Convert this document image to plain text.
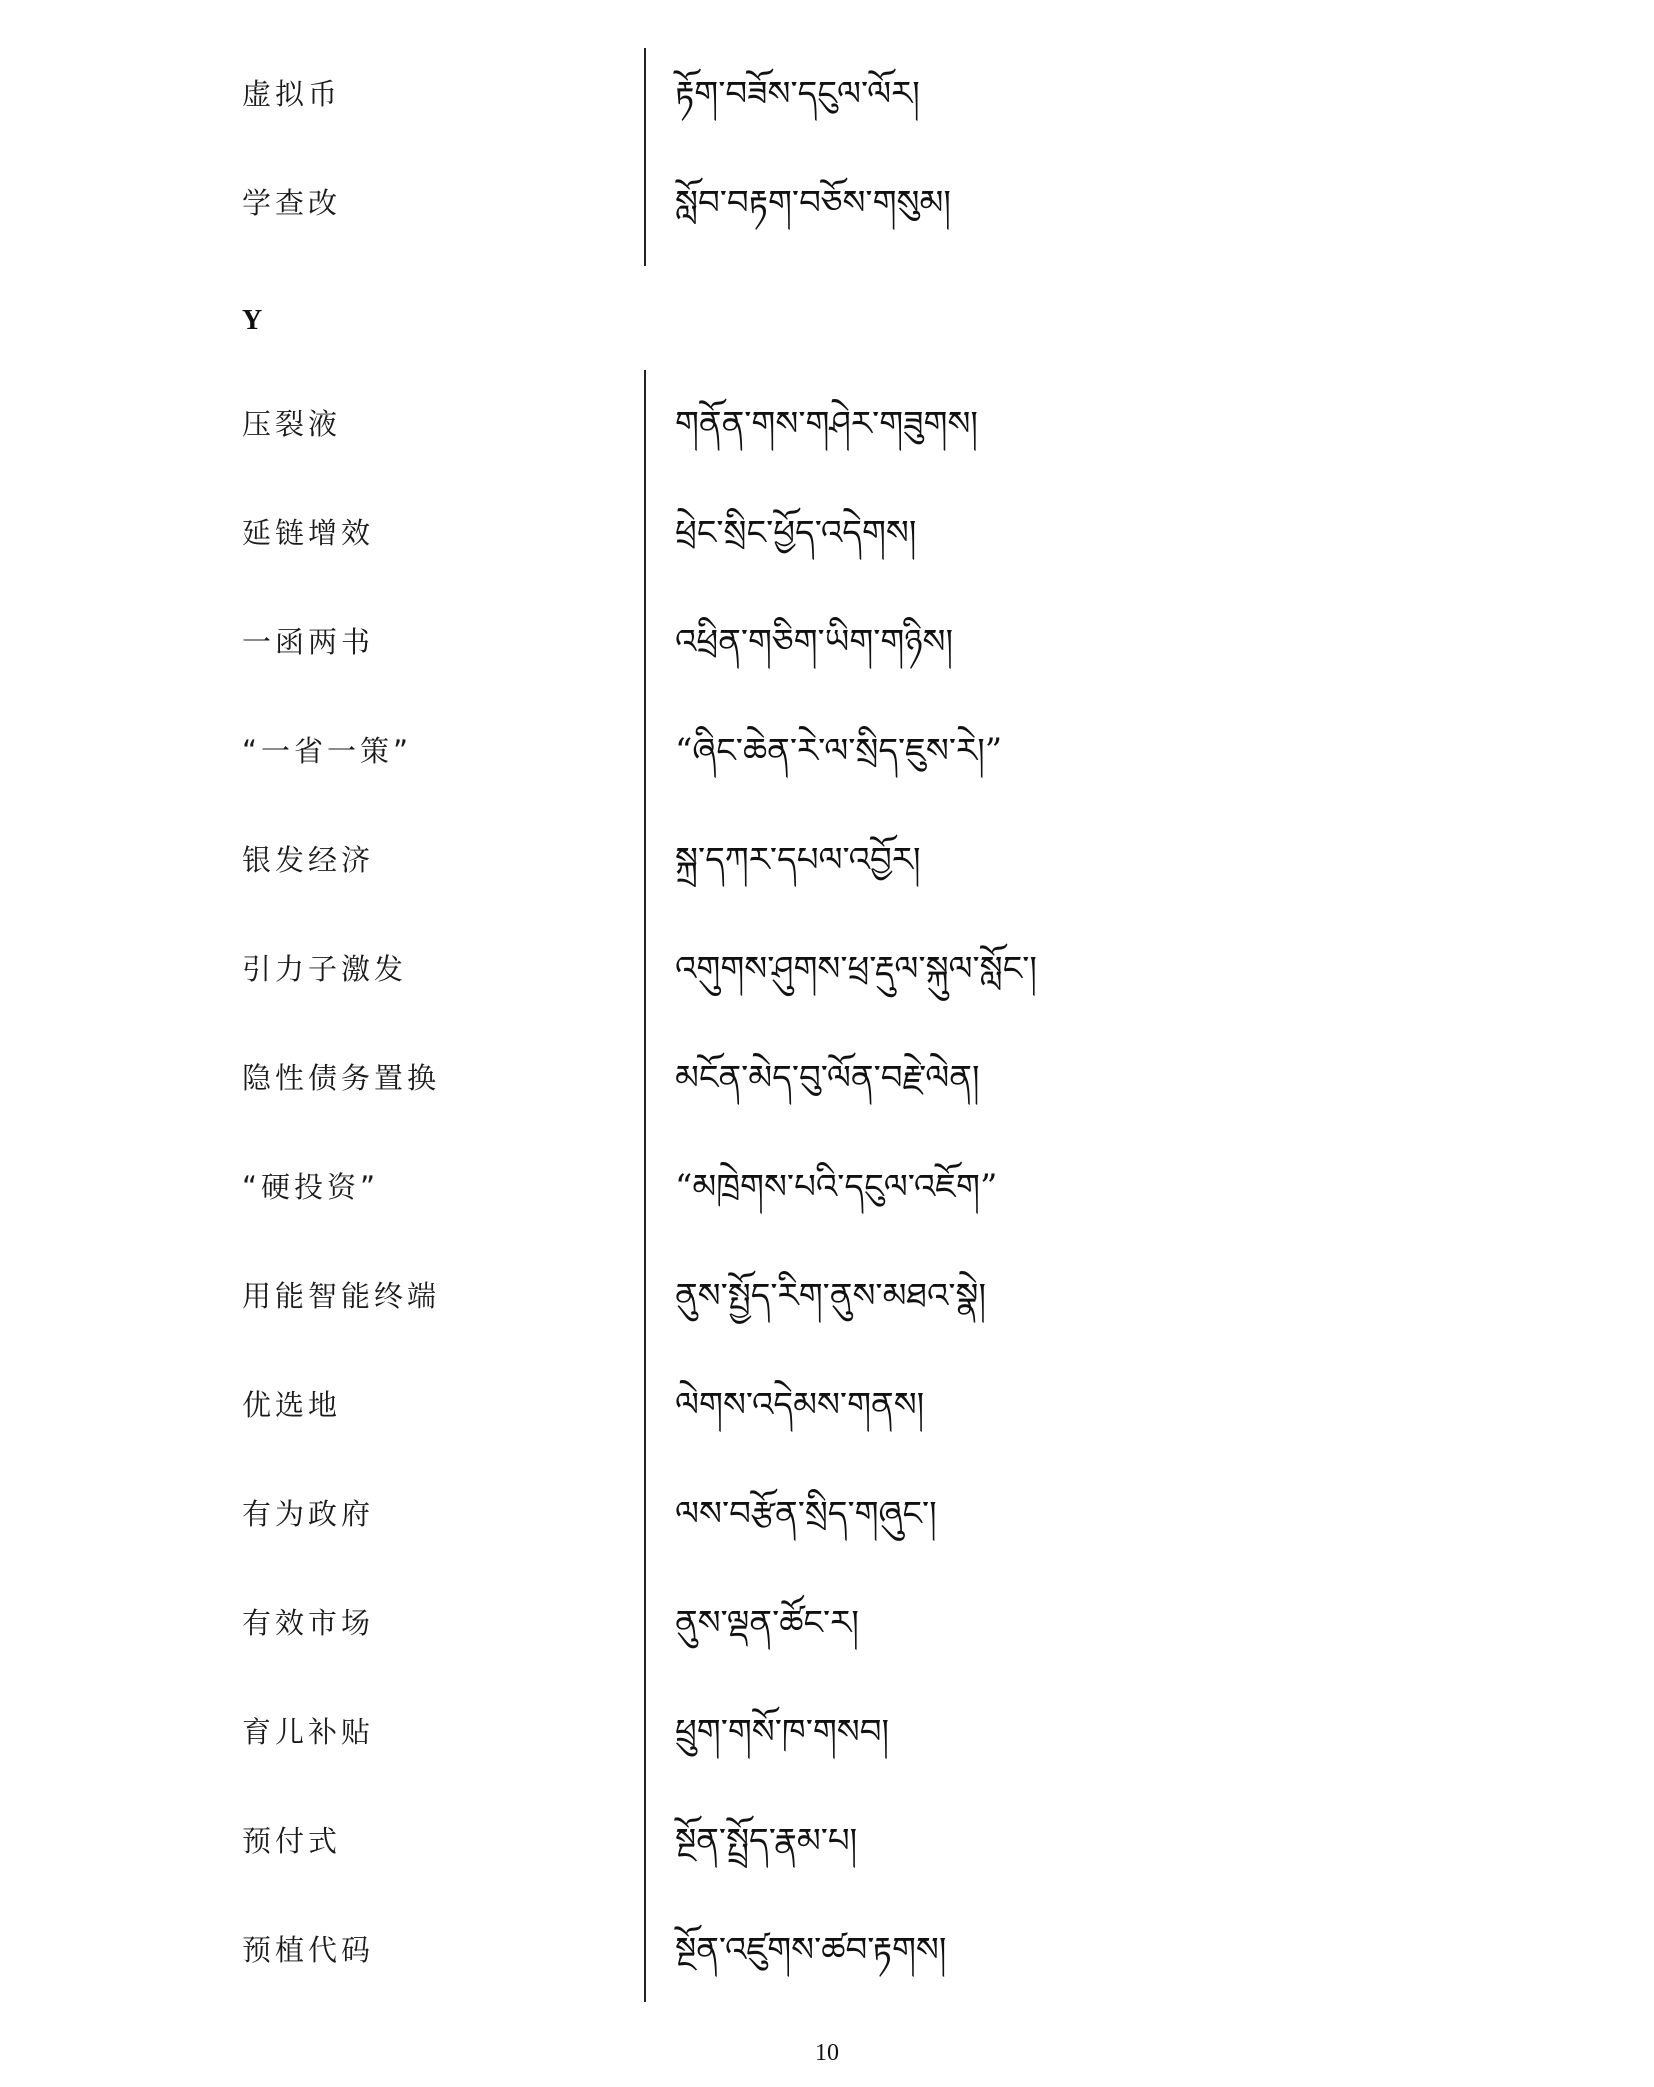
虚拟币	རྟོག་བཟོས་དངུལ་ལོར།
学查改	སློབ་བརྟག་བཅོས་གསུམ།
Y
压裂液	གནོན་གས་གཤེར་གཟུགས།
延链增效	ཕྲེང་སྲིང་ཕྱོད་འདེགས།
一函两书	འཕྲིན་གཅིག་ཡིག་གཉིས།
“一省一策”	“ཞིང་ཆེན་རེ་ལ་སྲིད་ཇུས་རེ།”
银发经济	སྐྲ་དཀར་དཔལ་འབྱོར།
引力子激发	འགུགས་ཤུགས་ཕྲ་རྡུལ་སྐུལ་སློང་།
隐性债务置换	མངོན་མེད་བུ་ལོན་བརྗེ་ལེན།
“硬投资”	“མཁྲེགས་པའི་དངུལ་འཇོག”
用能智能终端	ནུས་སྤྱོད་རིག་ནུས་མཐའ་སྣེ།
优选地	ལེགས་འདེམས་གནས།
有为政府	ལས་བརྩོན་སྲིད་གཞུང་།
有效市场	ནུས་ལྡན་ཚོང་ར།
育儿补贴	ཕྲུག་གསོ་ཁ་གསབ།
预付式	སྔོན་སྤྲོད་རྣམ་པ།
预植代码	སྔོན་འཛུགས་ཚབ་རྟགས།
10
